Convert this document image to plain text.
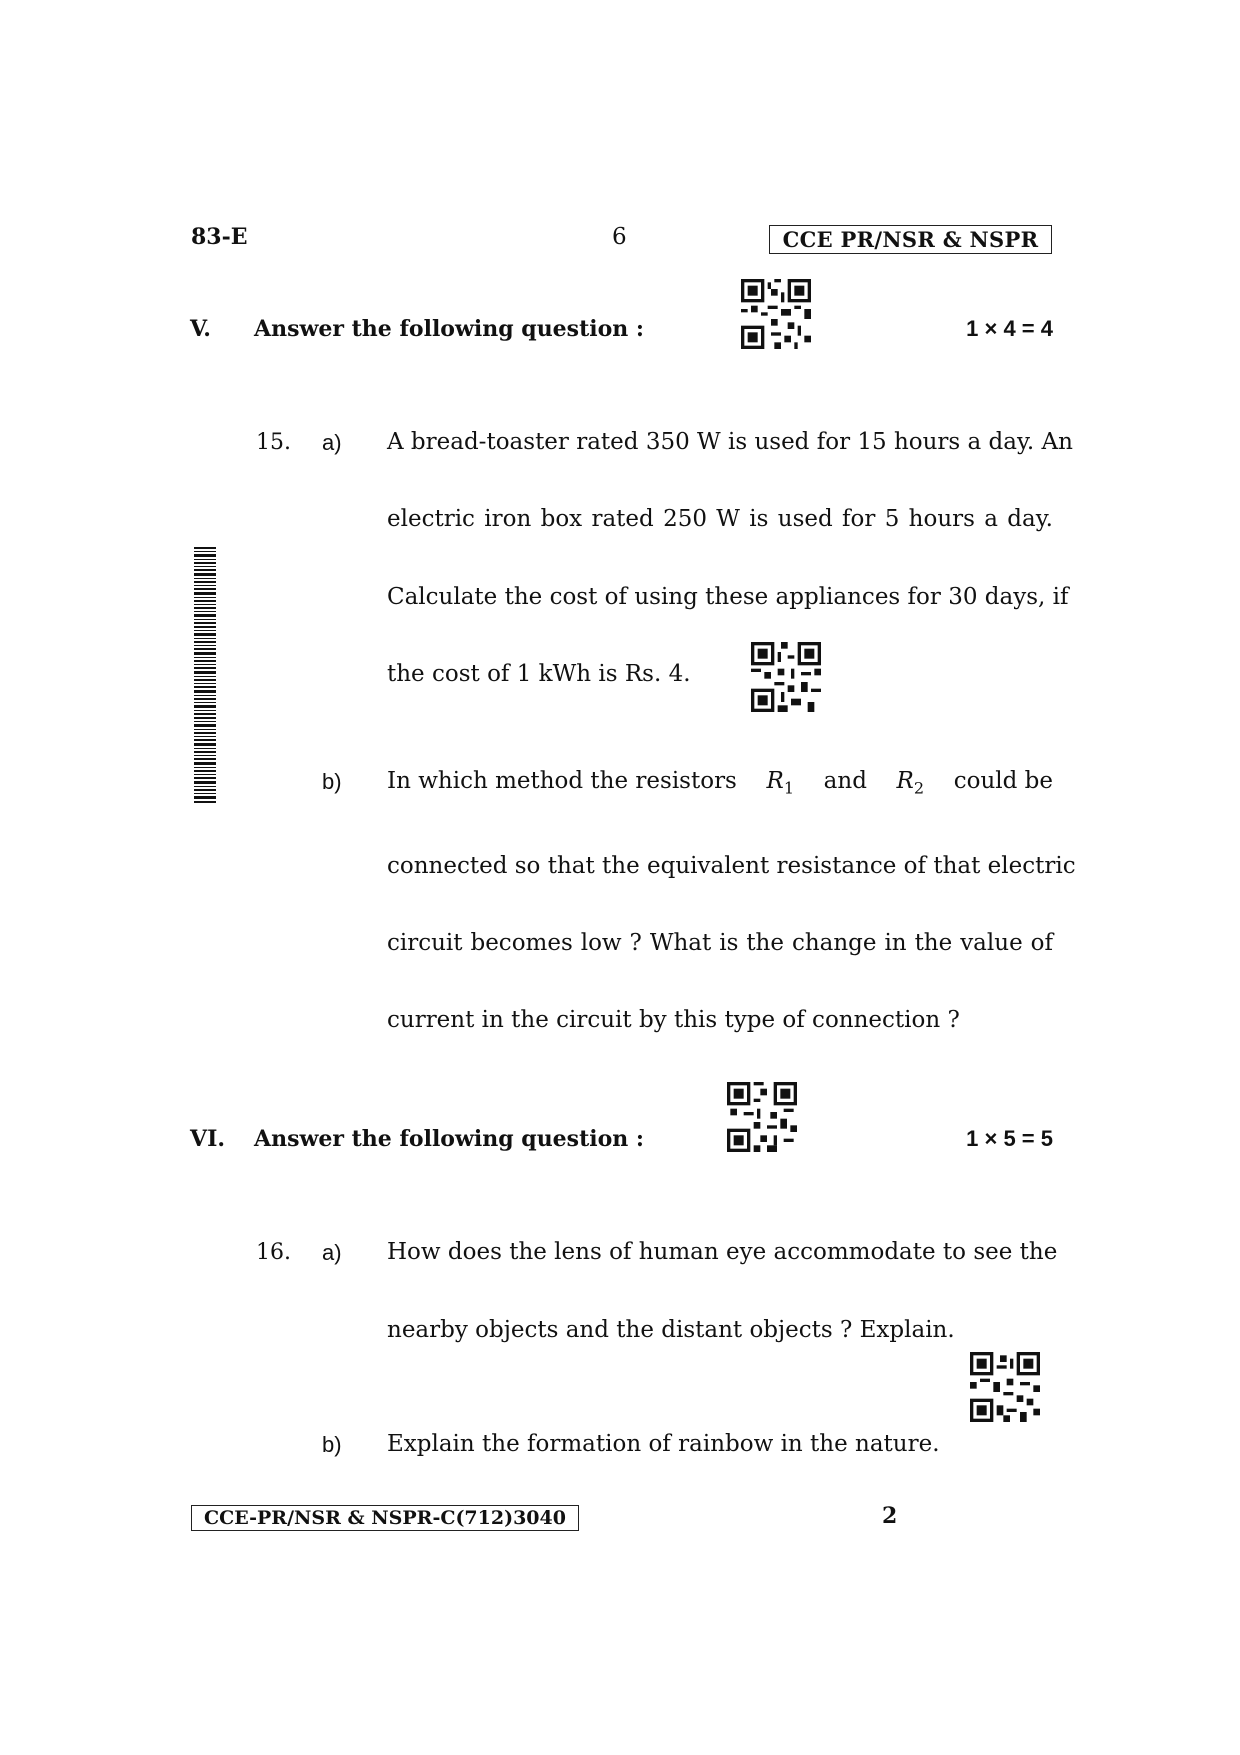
83-E	6	CCE PR/NSR & NSPR
V. Answer the following question :	1 × 4 = 4
15. a) A bread-toaster rated 350 W is used for 15 hours a day. An
electric iron box rated 250 W is used for 5 hours a day.
Calculate the cost of using these appliances for 30 days, if
the cost of 1 kWh is Rs. 4.
b) In which method the resistors $R_1$ and $R_2$ could be
connected so that the equivalent resistance of that electric
circuit becomes low ? What is the change in the value of
current in the circuit by this type of connection ?
VI. Answer the following question :	1 × 5 = 5
16. a) How does the lens of human eye accommodate to see the
nearby objects and the distant objects ? Explain.
b) Explain the formation of rainbow in the nature.
CCE-PR/NSR & NSPR-C(712)3040	2
